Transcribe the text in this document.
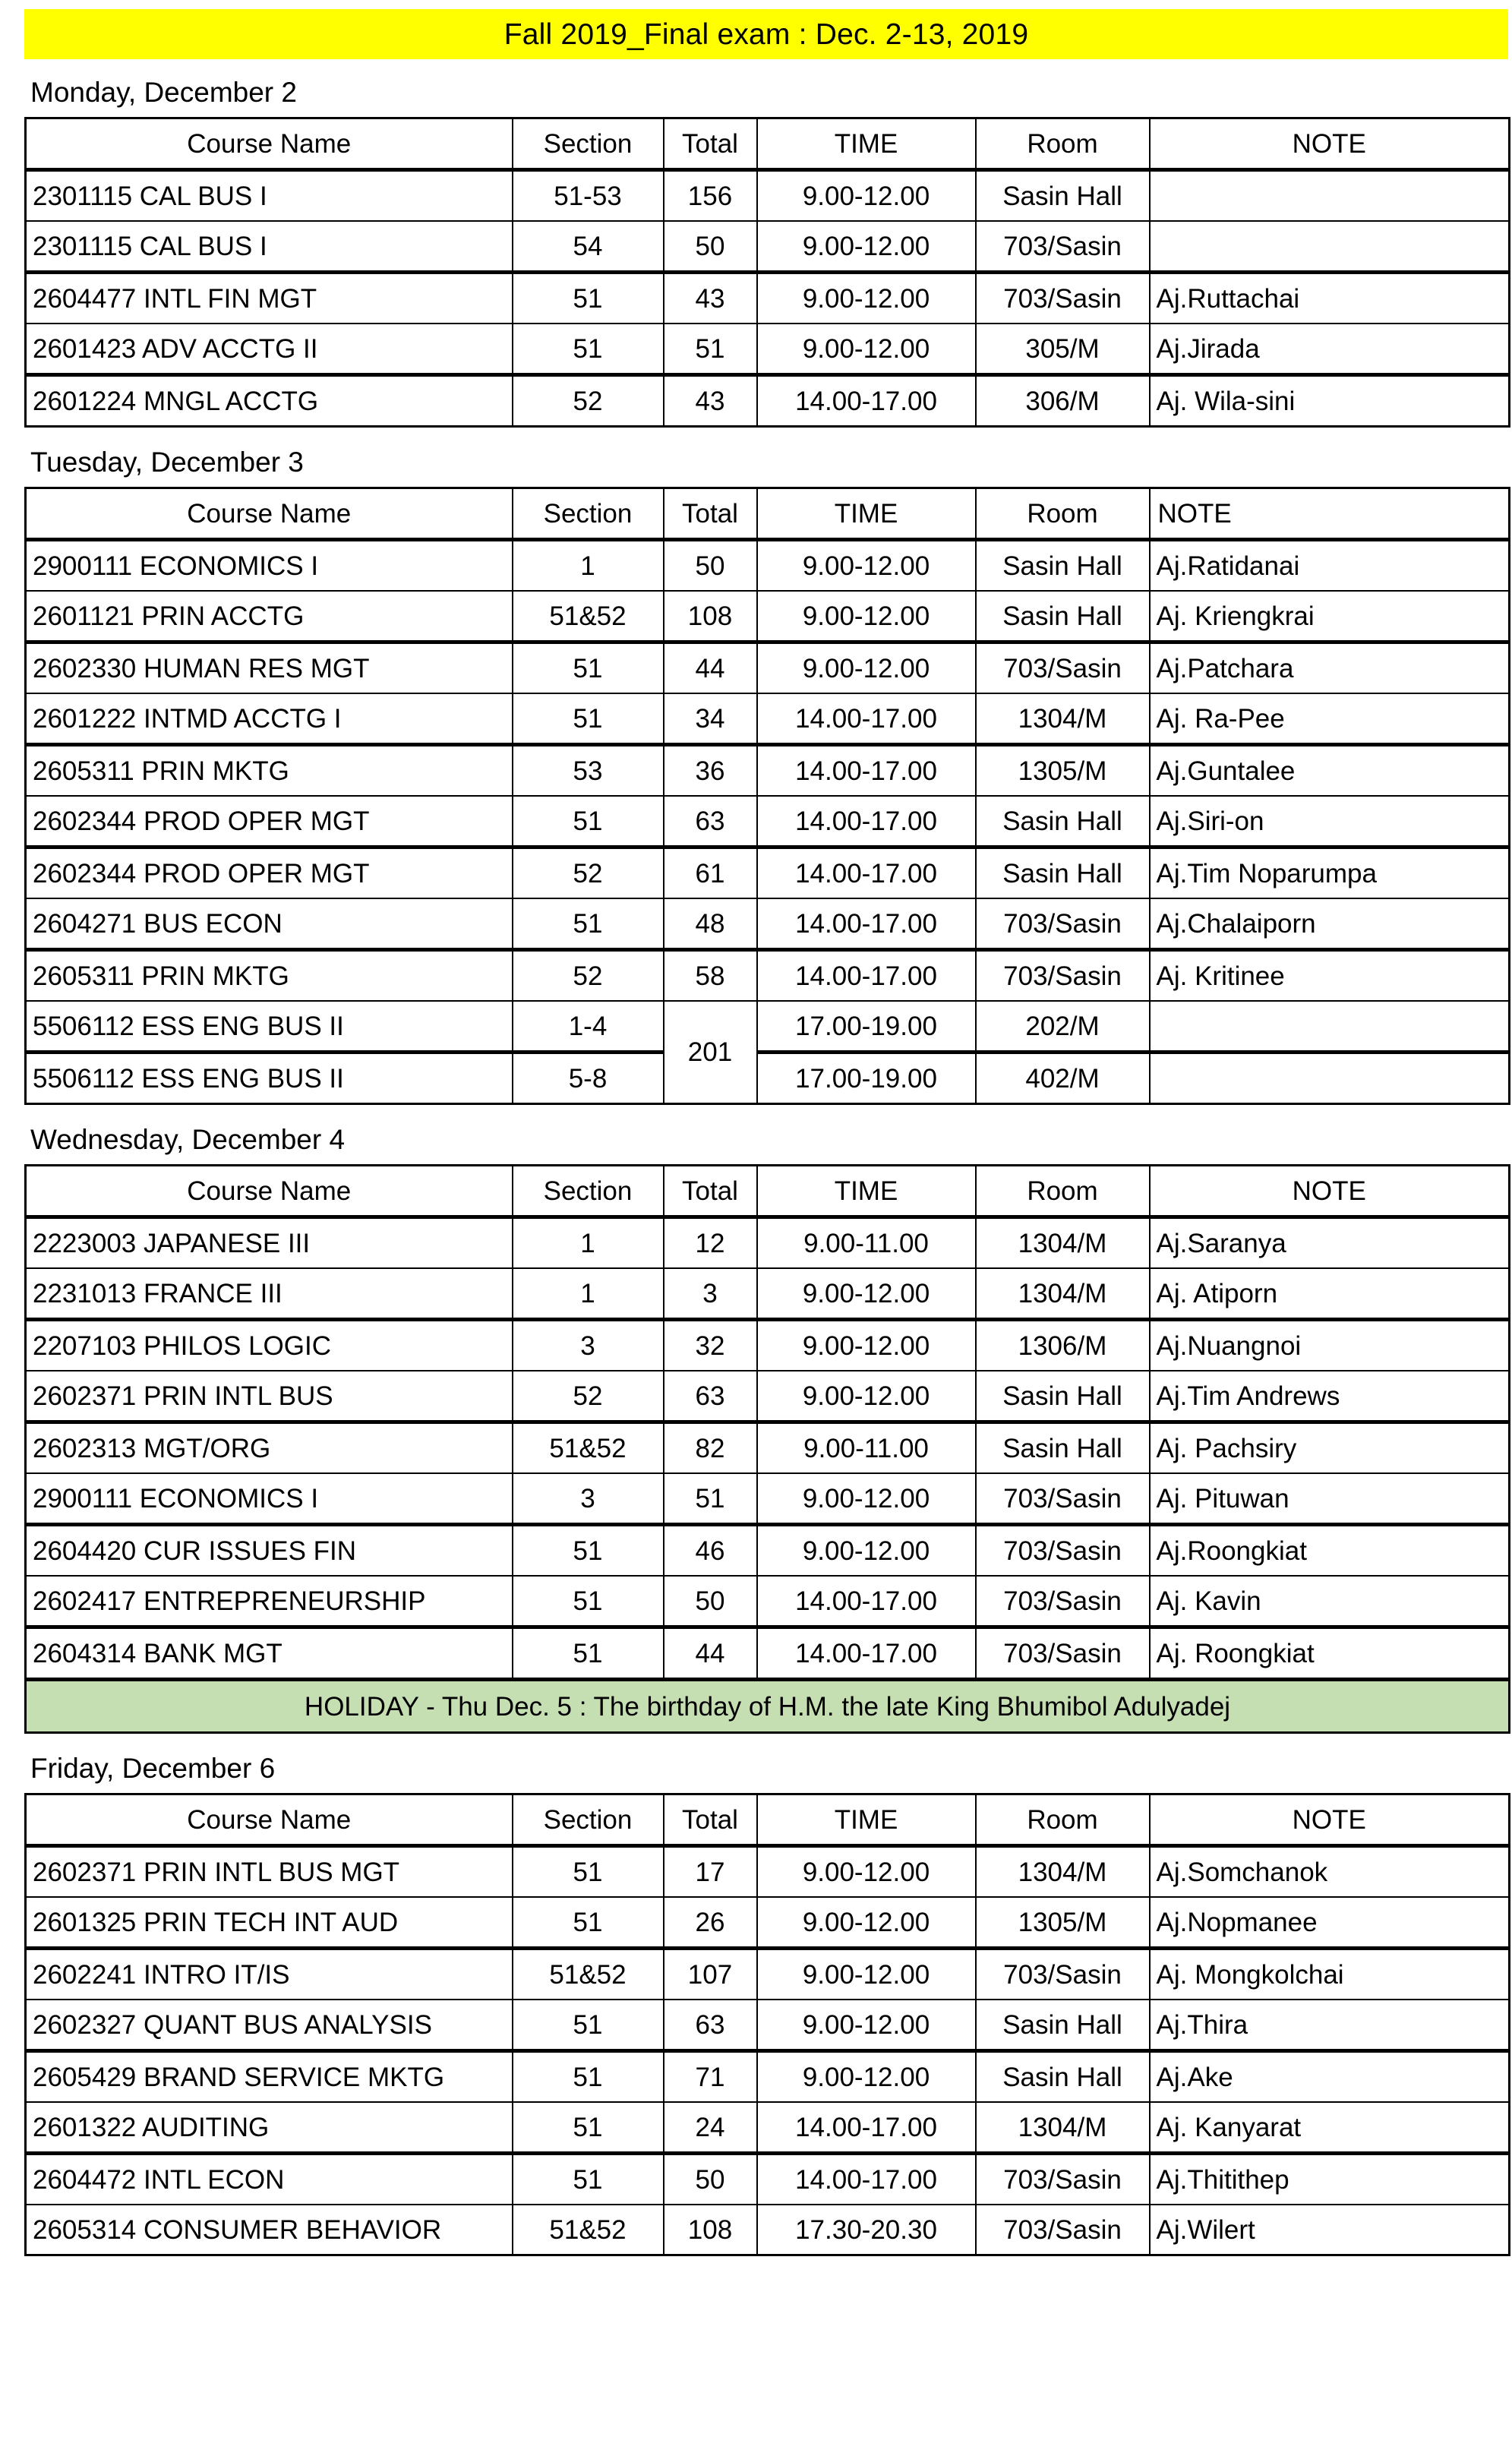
Fall 2019_Final exam : Dec. 2-13, 2019
Monday, December 2
Course Name	Section	Total	TIME	Room	NOTE
2301115 CAL BUS I	51-53	156	9.00-12.00	Sasin Hall	
2301115 CAL BUS I	54	50	9.00-12.00	703/Sasin	
2604477 INTL FIN MGT	51	43	9.00-12.00	703/Sasin	Aj.Ruttachai
2601423 ADV ACCTG II	51	51	9.00-12.00	305/M	Aj.Jirada
2601224 MNGL ACCTG	52	43	14.00-17.00	306/M	Aj. Wila-sini
Tuesday, December 3
Course Name	Section	Total	TIME	Room	NOTE
2900111 ECONOMICS I	1	50	9.00-12.00	Sasin Hall	Aj.Ratidanai
2601121 PRIN ACCTG	51&52	108	9.00-12.00	Sasin Hall	Aj. Kriengkrai
2602330 HUMAN RES MGT	51	44	9.00-12.00	703/Sasin	Aj.Patchara
2601222 INTMD ACCTG I	51	34	14.00-17.00	1304/M	Aj. Ra-Pee
2605311 PRIN MKTG	53	36	14.00-17.00	1305/M	Aj.Guntalee
2602344 PROD OPER MGT	51	63	14.00-17.00	Sasin Hall	Aj.Siri-on
2602344 PROD OPER MGT	52	61	14.00-17.00	Sasin Hall	Aj.Tim Noparumpa
2604271 BUS ECON	51	48	14.00-17.00	703/Sasin	Aj.Chalaiporn
2605311 PRIN MKTG	52	58	14.00-17.00	703/Sasin	Aj. Kritinee
5506112 ESS ENG BUS II	1-4	201	17.00-19.00	202/M	
5506112 ESS ENG BUS II	5-8		17.00-19.00	402/M	
Wednesday, December 4
Course Name	Section	Total	TIME	Room	NOTE
2223003 JAPANESE III	1	12	9.00-11.00	1304/M	Aj.Saranya
2231013 FRANCE III	1	3	9.00-12.00	1304/M	Aj. Atiporn
2207103 PHILOS LOGIC	3	32	9.00-12.00	1306/M	Aj.Nuangnoi
2602371 PRIN INTL BUS	52	63	9.00-12.00	Sasin Hall	Aj.Tim Andrews
2602313 MGT/ORG	51&52	82	9.00-11.00	Sasin Hall	Aj. Pachsiry
2900111 ECONOMICS I	3	51	9.00-12.00	703/Sasin	Aj. Pituwan
2604420 CUR ISSUES FIN	51	46	9.00-12.00	703/Sasin	Aj.Roongkiat
2602417 ENTREPRENEURSHIP	51	50	14.00-17.00	703/Sasin	Aj. Kavin
2604314 BANK MGT	51	44	14.00-17.00	703/Sasin	Aj. Roongkiat
HOLIDAY - Thu Dec. 5 : The birthday of H.M. the late King Bhumibol Adulyadej					
Friday, December 6
Course Name	Section	Total	TIME	Room	NOTE
2602371 PRIN INTL BUS MGT	51	17	9.00-12.00	1304/M	Aj.Somchanok
2601325 PRIN TECH INT AUD	51	26	9.00-12.00	1305/M	Aj.Nopmanee
2602241 INTRO IT/IS	51&52	107	9.00-12.00	703/Sasin	Aj. Mongkolchai
2602327 QUANT BUS ANALYSIS	51	63	9.00-12.00	Sasin Hall	Aj.Thira
2605429 BRAND SERVICE MKTG	51	71	9.00-12.00	Sasin Hall	Aj.Ake
2601322 AUDITING	51	24	14.00-17.00	1304/M	Aj. Kanyarat
2604472 INTL ECON	51	50	14.00-17.00	703/Sasin	Aj.Thitithep
2605314 CONSUMER BEHAVIOR	51&52	108	17.30-20.30	703/Sasin	Aj.Wilert
